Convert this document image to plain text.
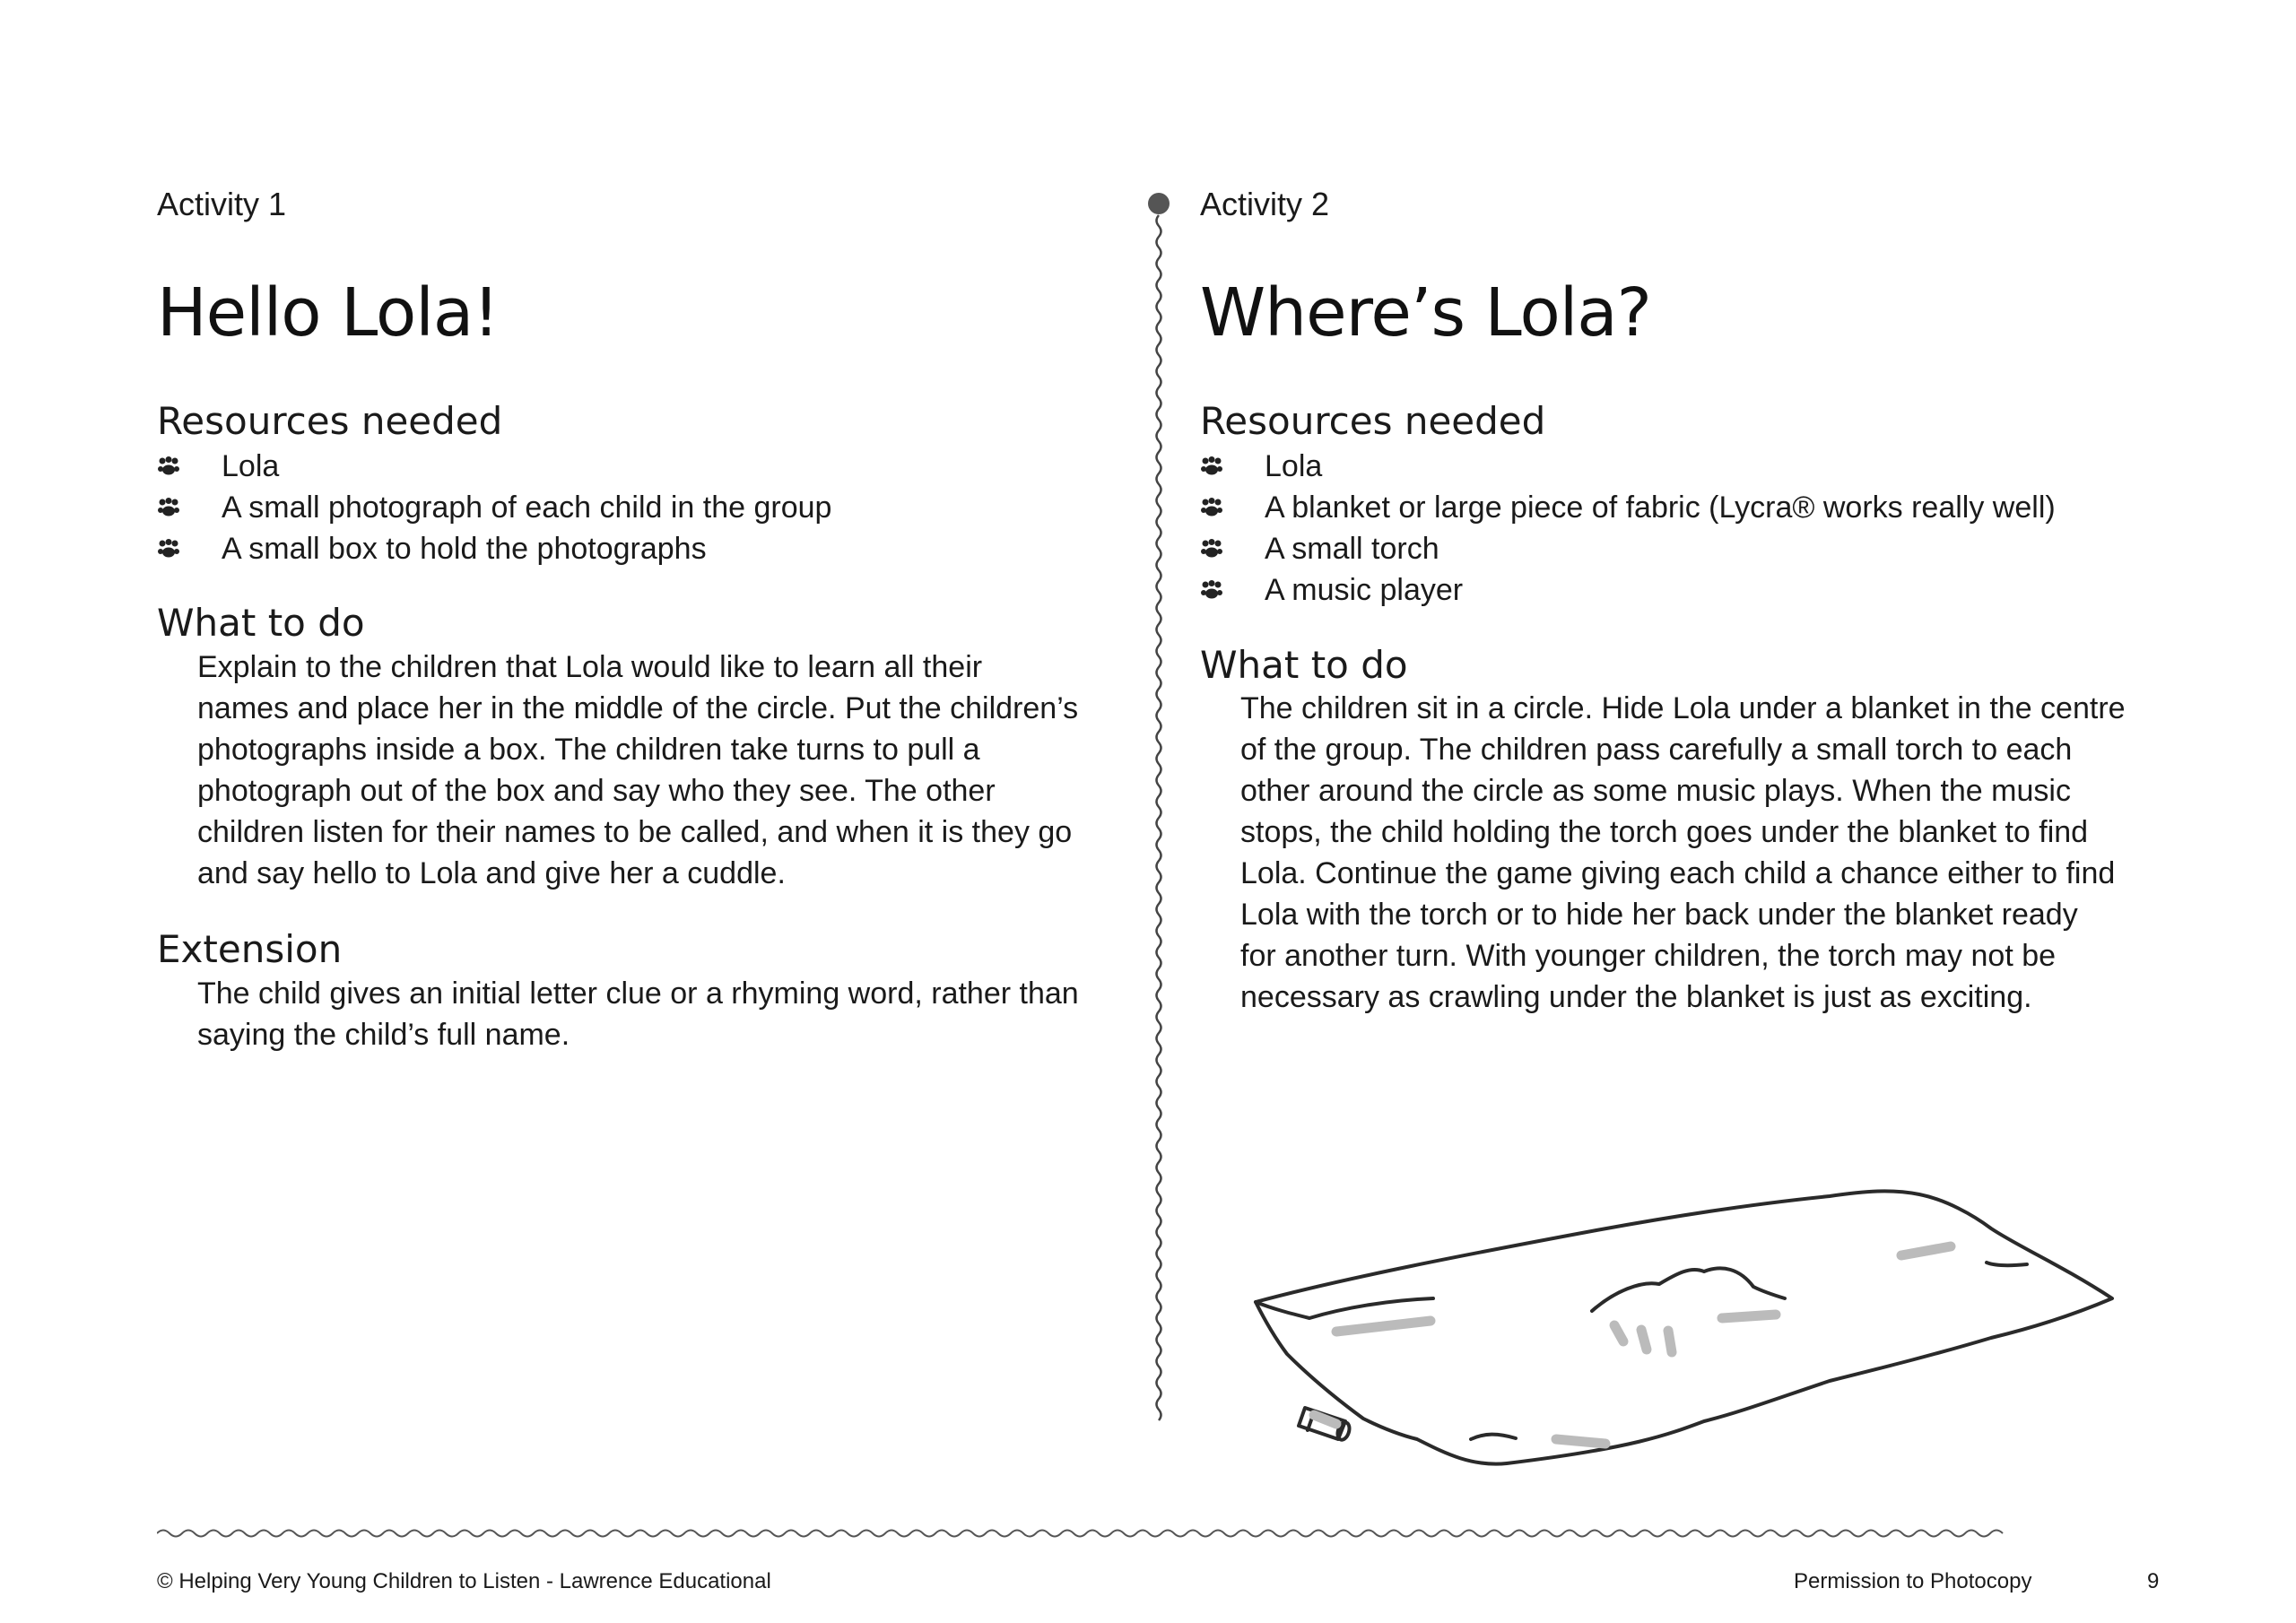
Activity 1
Hello Lola!
Resources needed
Lola
A small photograph of each child in the group
A small box to hold the photographs
What to do
Explain to the children that Lola would like to learn all their
names and place her in the middle of the circle. Put the children’s
photographs inside a box. The children take turns to pull a
photograph out of the box and say who they see. The other
children listen for their names to be called, and when it is they go
and say hello to Lola and give her a cuddle.
Extension
The child gives an initial letter clue or a rhyming word, rather than
saying the child’s full name.
Activity 2
Where’s Lola?
Resources needed
Lola
A blanket or large piece of fabric (Lycra® works really well)
A small torch
A music player
What to do
The children sit in a circle. Hide Lola under a blanket in the centre
of the group. The children pass carefully a small torch to each
other around the circle as some music plays. When the music
stops, the child holding the torch goes under the blanket to find
Lola. Continue the game giving each child a chance either to find
Lola with the torch or to hide her back under the blanket ready
for another turn. With younger children, the torch may not be
necessary as crawling under the blanket is just as exciting.
© Helping Very Young Children to Listen - Lawrence Educational	Permission to Photocopy	9
